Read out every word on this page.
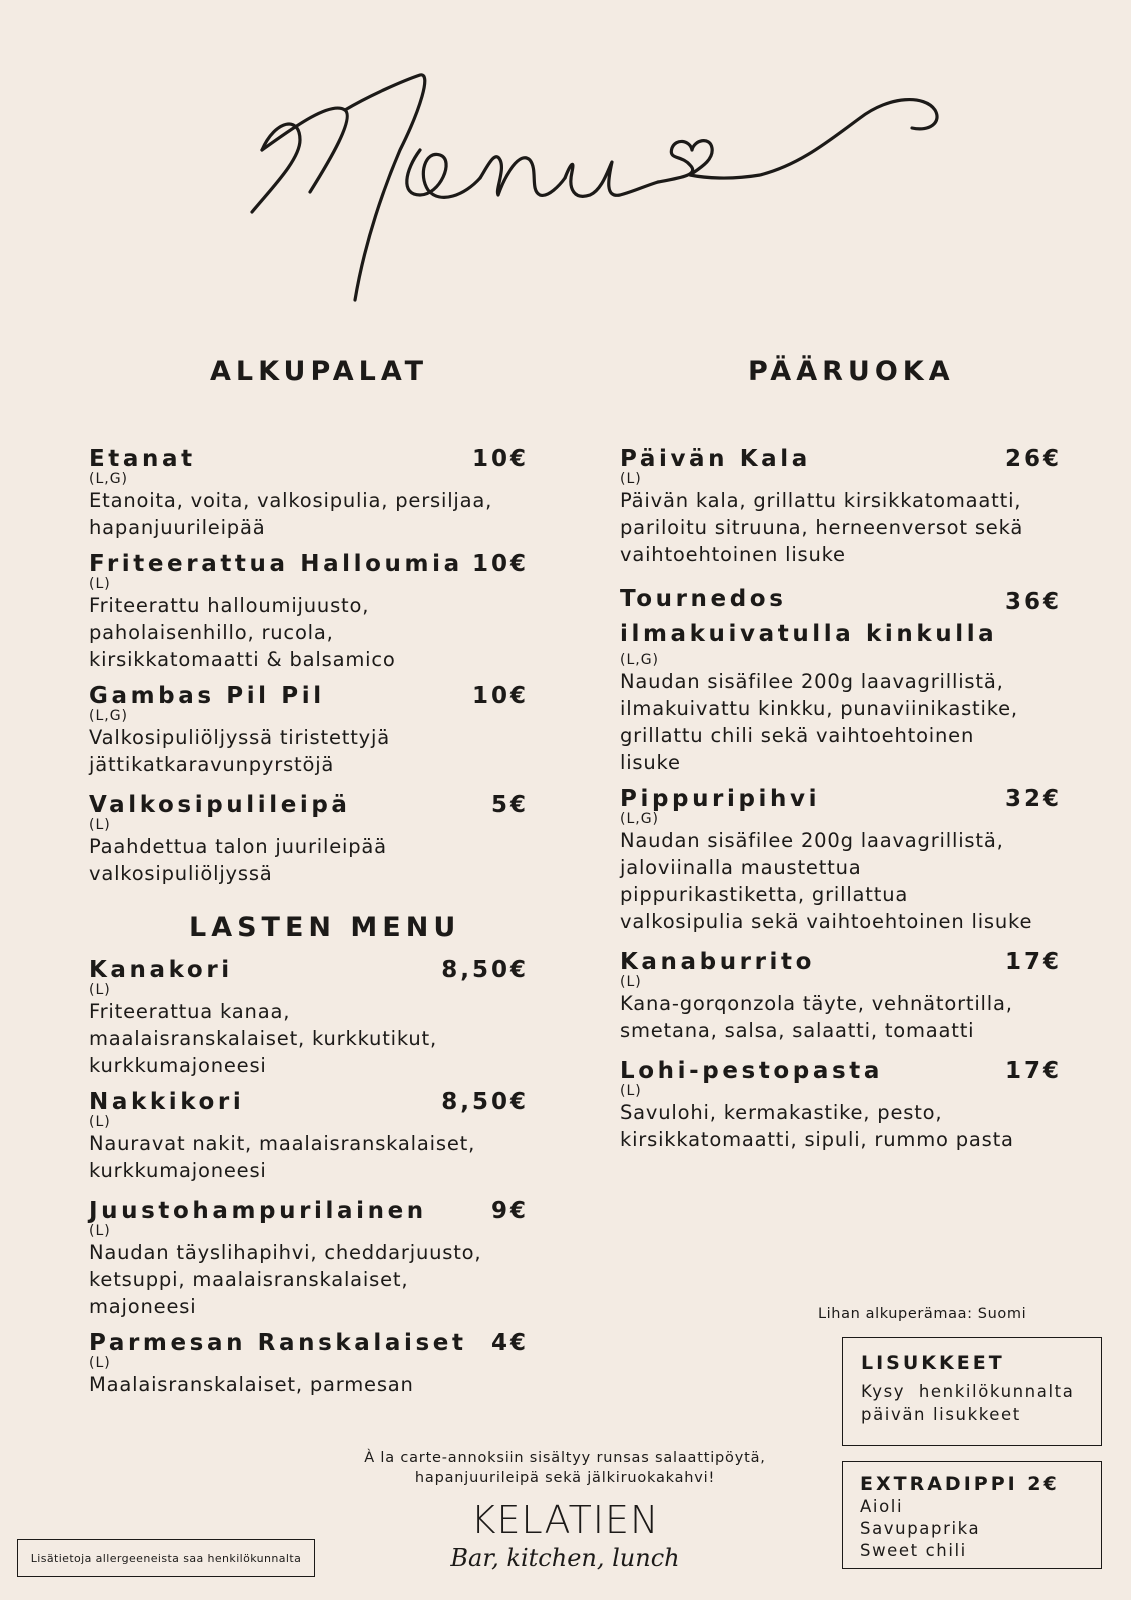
ALKUPALAT	PÄÄRUOKA
Etanat	10€
(L,G)
Etanoita, voita, valkosipulia, persiljaa,
hapanjuurileipää
Friteerattua Halloumia 10€
(L)
Friteerattu halloumijuusto,
paholaisenhillo, rucola,
kirsikkatomaatti & balsamico
Gambas Pil Pil	10€
(L,G)
Valkosipuliöljyssä tiristettyjä
jättikatkaravunpyrstöjä
Valkosipulileipä	5€
(L)
Paahdettua talon juurileipää
valkosipuliöljyssä
LASTEN MENU
Kanakori	8,50€
(L)
Friteerattua kanaa,
maalaisranskalaiset, kurkkutikut,
kurkkumajoneesi
Nakkikori	8,50€
(L)
Nauravat nakit, maalaisranskalaiset,
kurkkumajoneesi
Juustohampurilainen	9€
(L)
Naudan täyslihapihvi, cheddarjuusto,
ketsuppi, maalaisranskalaiset,
majoneesi
Parmesan Ranskalaiset 4€
(L)
Maalaisranskalaiset, parmesan
Päivän Kala	26€
(L)
Päivän kala, grillattu kirsikkatomaatti,
pariloitu sitruuna, herneenversot sekä
vaihtoehtoinen lisuke
Tournedos	36€
ilmakuivatulla kinkulla
(L,G)
Naudan sisäfilee 200g laavagrillistä,
ilmakuivattu kinkku, punaviinikastike,
grillattu chili sekä vaihtoehtoinen
lisuke
Pippuripihvi	32€
(L,G)
Naudan sisäfilee 200g laavagrillistä,
jaloviinalla maustettua
pippurikastiketta, grillattua
valkosipulia sekä vaihtoehtoinen lisuke
Kanaburrito	17€
(L)
Kana-gorqonzola täyte, vehnätortilla,
smetana, salsa, salaatti, tomaatti
Lohi-pestopasta	17€
(L)
Savulohi, kermakastike, pesto,
kirsikkatomaatti, sipuli, rummo pasta
Lihan alkuperämaa: Suomi
LISUKKEET
Kysy  henkilökunnalta
päivän lisukkeet
EXTRADIPPI 2€
Aioli
Savupaprika
Sweet chili
À la carte-annoksiin sisältyy runsas salaattipöytä,
hapanjuurileipä sekä jälkiruokakahvi!
Lisätietoja allergeeneista saa henkilökunnalta
KELATIEN
Bar, kitchen, lunch
